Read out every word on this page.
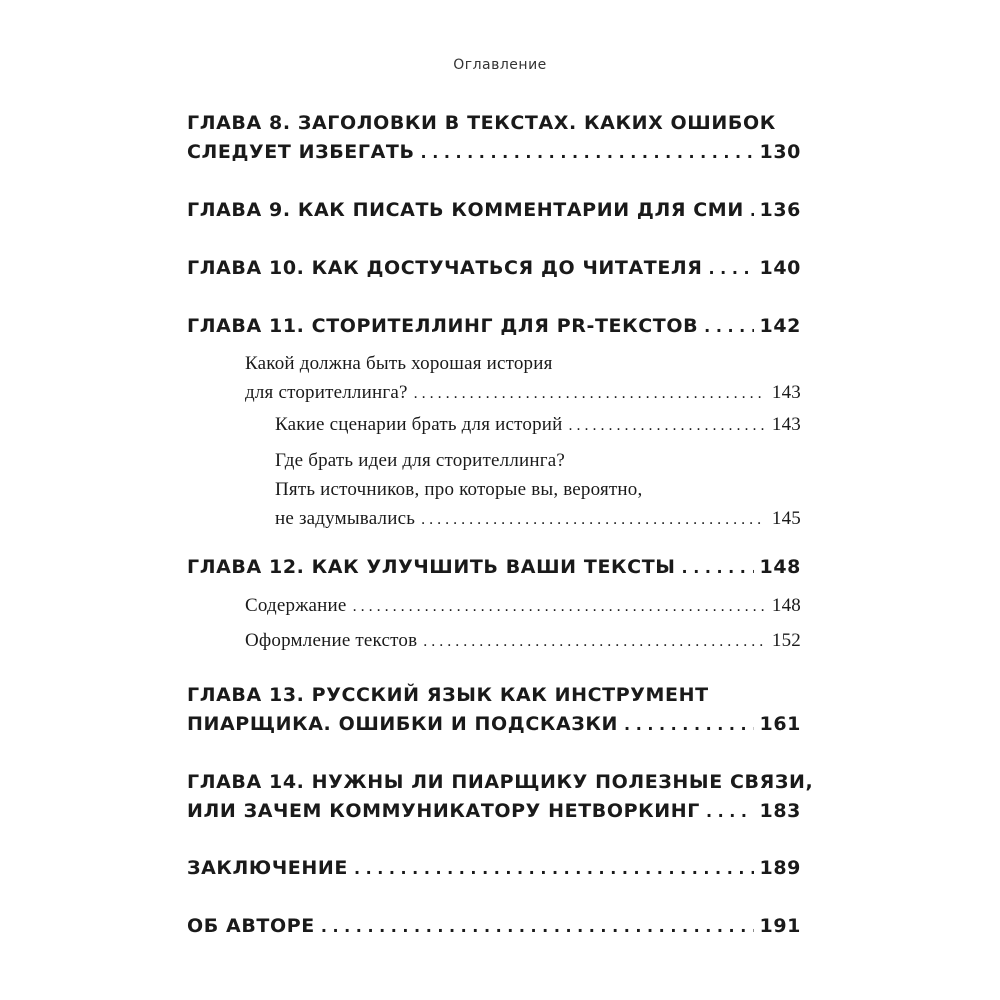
Оглавление
ГЛАВА 8. ЗАГОЛОВКИ В ТЕКСТАХ. КАКИХ ОШИБОК
СЛЕДУЕТ ИЗБЕГАТЬ . . .	130
ГЛАВА 9. КАК ПИСАТЬ КОММЕНТАРИИ ДЛЯ СМИ . . . 136
ГЛАВА 10. КАК ДОСТУЧАТЬСЯ ДО ЧИТАТЕЛЯ . . .	140
ГЛАВА 11. СТОРИТЕЛЛИНГ ДЛЯ PR-ТЕКСТОВ . . .	142
Какой должна быть хорошая история
для сторителлинга? . . .	143
Какие сценарии брать для историй . . .	143
Где брать идеи для сторителлинга?
Пять источников, про которые вы, вероятно,
не задумывались . . .	145
ГЛАВА 12. КАК УЛУЧШИТЬ ВАШИ ТЕКСТЫ . . .	148
Содержание . . .	148
Оформление текстов . . .	152
ГЛАВА 13. РУССКИЙ ЯЗЫК КАК ИНСТРУМЕНТ
ПИАРЩИКА. ОШИБКИ И ПОДСКАЗКИ . . .	161
ГЛАВА 14. НУЖНЫ ЛИ ПИАРЩИКУ ПОЛЕЗНЫЕ СВЯЗИ,
ИЛИ ЗАЧЕМ КОММУНИКАТОРУ НЕТВОРКИНГ . . .	183
ЗАКЛЮЧЕНИЕ . . .	189
ОБ АВТОРЕ . . .	191
